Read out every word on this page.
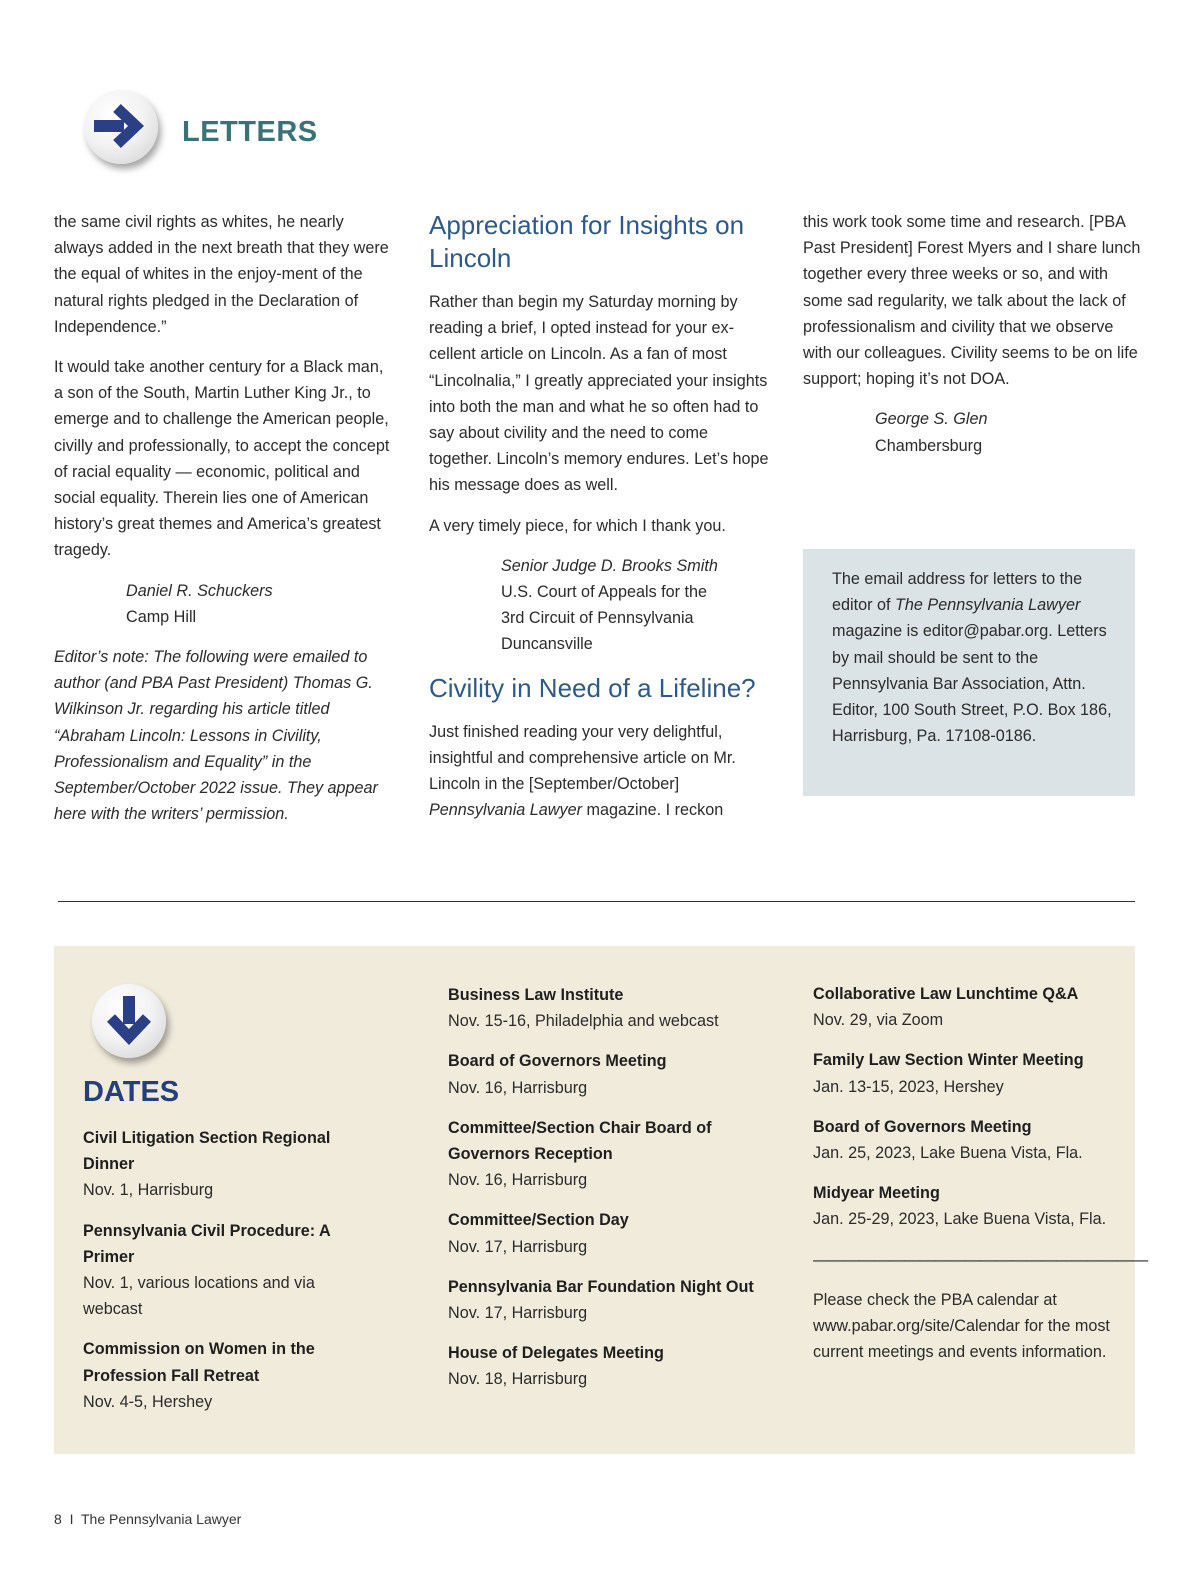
LETTERS

the same civil rights as whites, he nearly always added in the next breath that they were the equal of whites in the enjoy-ment of the natural rights pledged in the Declaration of Independence.”

It would take another century for a Black man, a son of the South, Martin Luther King Jr., to emerge and to challenge the American people, civilly and professionally, to accept the concept of racial equality — economic, political and social equality. Therein lies one of American history’s great themes and America’s greatest tragedy.

Daniel R. Schuckers
Camp Hill

Editor’s note: The following were emailed to author (and PBA Past President) Thomas G. Wilkinson Jr. regarding his article titled “Abraham Lincoln: Lessons in Civility, Professionalism and Equality” in the September/October 2022 issue. They appear here with the writers’ permission.

Appreciation for Insights on Lincoln

Rather than begin my Saturday morning by reading a brief, I opted instead for your ex-cellent article on Lincoln. As a fan of most “Lincolnalia,” I greatly appreciated your insights into both the man and what he so often had to say about civility and the need to come together. Lincoln’s memory endures. Let’s hope his message does as well.

A very timely piece, for which I thank you.

Senior Judge D. Brooks Smith
U.S. Court of Appeals for the
3rd Circuit of Pennsylvania
Duncansville
Civility in Need of a Lifeline?

Just finished reading your very delightful, insightful and comprehensive article on Mr. Lincoln in the [September/October] Pennsylvania Lawyer magazine. I reckon

this work took some time and research. [PBA Past President] Forest Myers and I share lunch together every three weeks or so, and with some sad regularity, we talk about the lack of professionalism and civility that we observe with our colleagues. Civility seems to be on life support; hoping it’s not DOA.

George S. Glen
Chambersburg
The email address for letters to the editor of The Pennsylvania Lawyer magazine is editor@pabar.org. Letters by mail should be sent to the Pennsylvania Bar Association, Attn. Editor, 100 South Street, P.O. Box 186, Harrisburg, Pa. 17108-0186.
DATES
Civil Litigation Section Regional Dinner
Nov. 1, Harrisburg
Pennsylvania Civil Procedure: A Primer
Nov. 1, various locations and via webcast
Commission on Women in the Profession Fall Retreat
Nov. 4-5, Hershey
Business Law Institute
Nov. 15-16, Philadelphia and webcast
Board of Governors Meeting
Nov. 16, Harrisburg
Committee/Section Chair Board of Governors Reception
Nov. 16, Harrisburg
Committee/Section Day
Nov. 17, Harrisburg
Pennsylvania Bar Foundation Night Out
Nov. 17, Harrisburg
House of Delegates Meeting
Nov. 18, Harrisburg
Collaborative Law Lunchtime Q&A
Nov. 29, via Zoom
Family Law Section Winter Meeting
Jan. 13-15, 2023, Hershey
Board of Governors Meeting
Jan. 25, 2023, Lake Buena Vista, Fla.
Midyear Meeting
Jan. 25-29, 2023, Lake Buena Vista, Fla.
——————————————————————
Please check the PBA calendar at www.pabar.org/site/Calendar for the most current meetings and events information.
8  I  The Pennsylvania Lawyer
